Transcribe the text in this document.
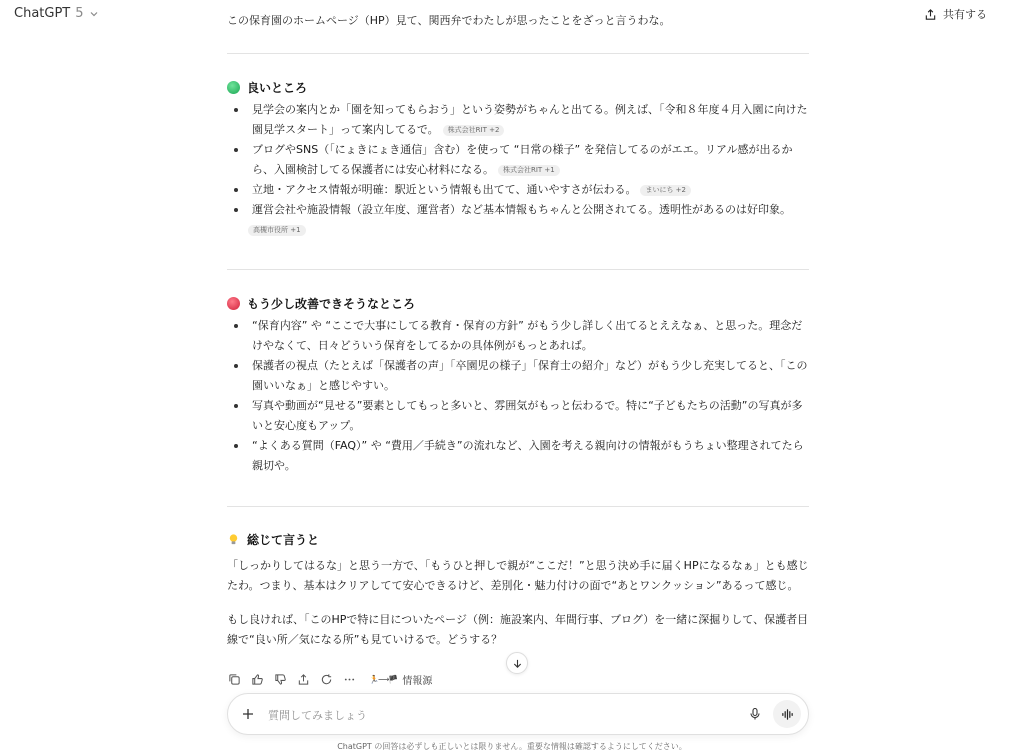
ChatGPT 5	共有する
この保育園のホームページ（HP）見て、関西弁でわたしが思ったことをざっと言うわな。
良いところ
見学会の案内とか「園を知ってもらおう」という姿勢がちゃんと出てる。例えば、「令和８年度４月入園に向けた園見学スタート」って案内してるで。 株式会社RIT +2
ブログやSNS（「にょきにょき通信」含む）を使って “日常の様子” を発信してるのがエエ。リアル感が出るから、入園検討してる保護者には安心材料になる。 株式会社RIT +1
立地・アクセス情報が明確：駅近という情報も出てて、通いやすさが伝わる。 まいにち +2
運営会社や施設情報（設立年度、運営者）など基本情報もちゃんと公開されてる。透明性があるのは好印象。
高槻市役所 +1
もう少し改善できそうなところ
“保育内容” や “ここで大事にしてる教育・保育の方針” がもう少し詳しく出てるとええなぁ、と思った。理念だけやなくて、日々どういう保育をしてるかの具体例がもっとあれば。
保護者の視点（たとえば「保護者の声」「卒園児の様子」「保育士の紹介」など）がもう少し充実してると、「この園いいなぁ」と感じやすい。
写真や動画が“見せる”要素としてもっと多いと、雰囲気がもっと伝わるで。特に“子どもたちの活動”の写真が多いと安心度もアップ。
“よくある質問（FAQ）” や “費用／手続き”の流れなど、入園を考える親向けの情報がもうちょい整理されてたら親切や。
総じて言うと
「しっかりしてはるな」と思う一方で、「もうひと押しで親が“ここだ！”と思う決め手に届くHPになるなぁ」とも感じたわ。つまり、基本はクリアしてて安心できるけど、差別化・魅力付けの面で“あとワンクッション”あるって感じ。
もし良ければ、「このHPで特に目についたページ（例：施設案内、年間行事、ブログ）を一緒に深掘りして、保護者目線で“良い所／気になる所”も見ていけるで。どうする？
🏃‍⟶🏴 情報源
質問してみましょう
ChatGPT の回答は必ずしも正しいとは限りません。重要な情報は確認するようにしてください。
